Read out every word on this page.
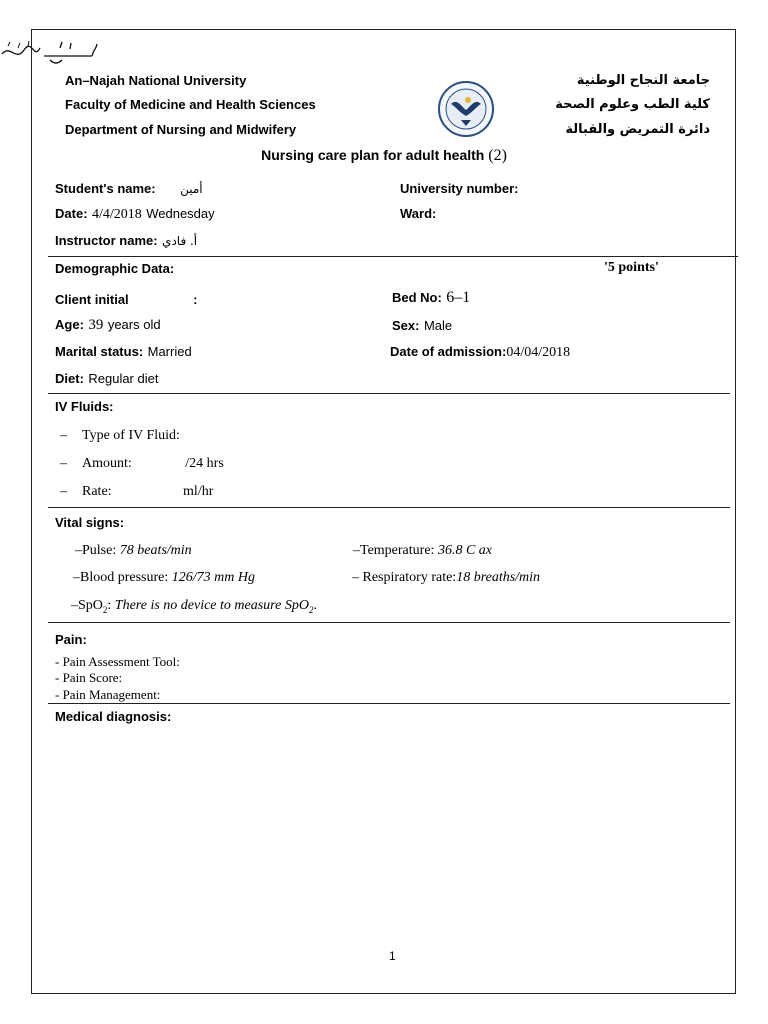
An–Najah National University
Faculty of Medicine and Health Sciences
Department of Nursing and Midwifery
جامعة النجاح الوطنية
كلية الطب وعلوم الصحة
دائرة التمريض والقبالة
Nursing care plan for adult health (2)
Student's name: أمين	University number:
Date: 4/4/2018 Wednesday	Ward:
Instructor name: أ. فادي
Demographic Data:	'5 points'
Client initial	:	Bed No: 6–1
Age: 39 years old	Sex: Male
Marital status: Married	Date of admission:04/04/2018
Diet: Regular diet
IV Fluids:
– Type of IV Fluid:
– Amount:	/24 hrs
– Rate:	ml/hr
Vital signs:
–Pulse: 78 beats/min	–Temperature: 36.8 C ax
–Blood pressure: 126/73 mm Hg	– Respiratory rate:18 breaths/min
–SpO$_2$: There is no device to measure SpO$_2$.
Pain:
- Pain Assessment Tool:
- Pain Score:
- Pain Management:
Medical diagnosis:
1
